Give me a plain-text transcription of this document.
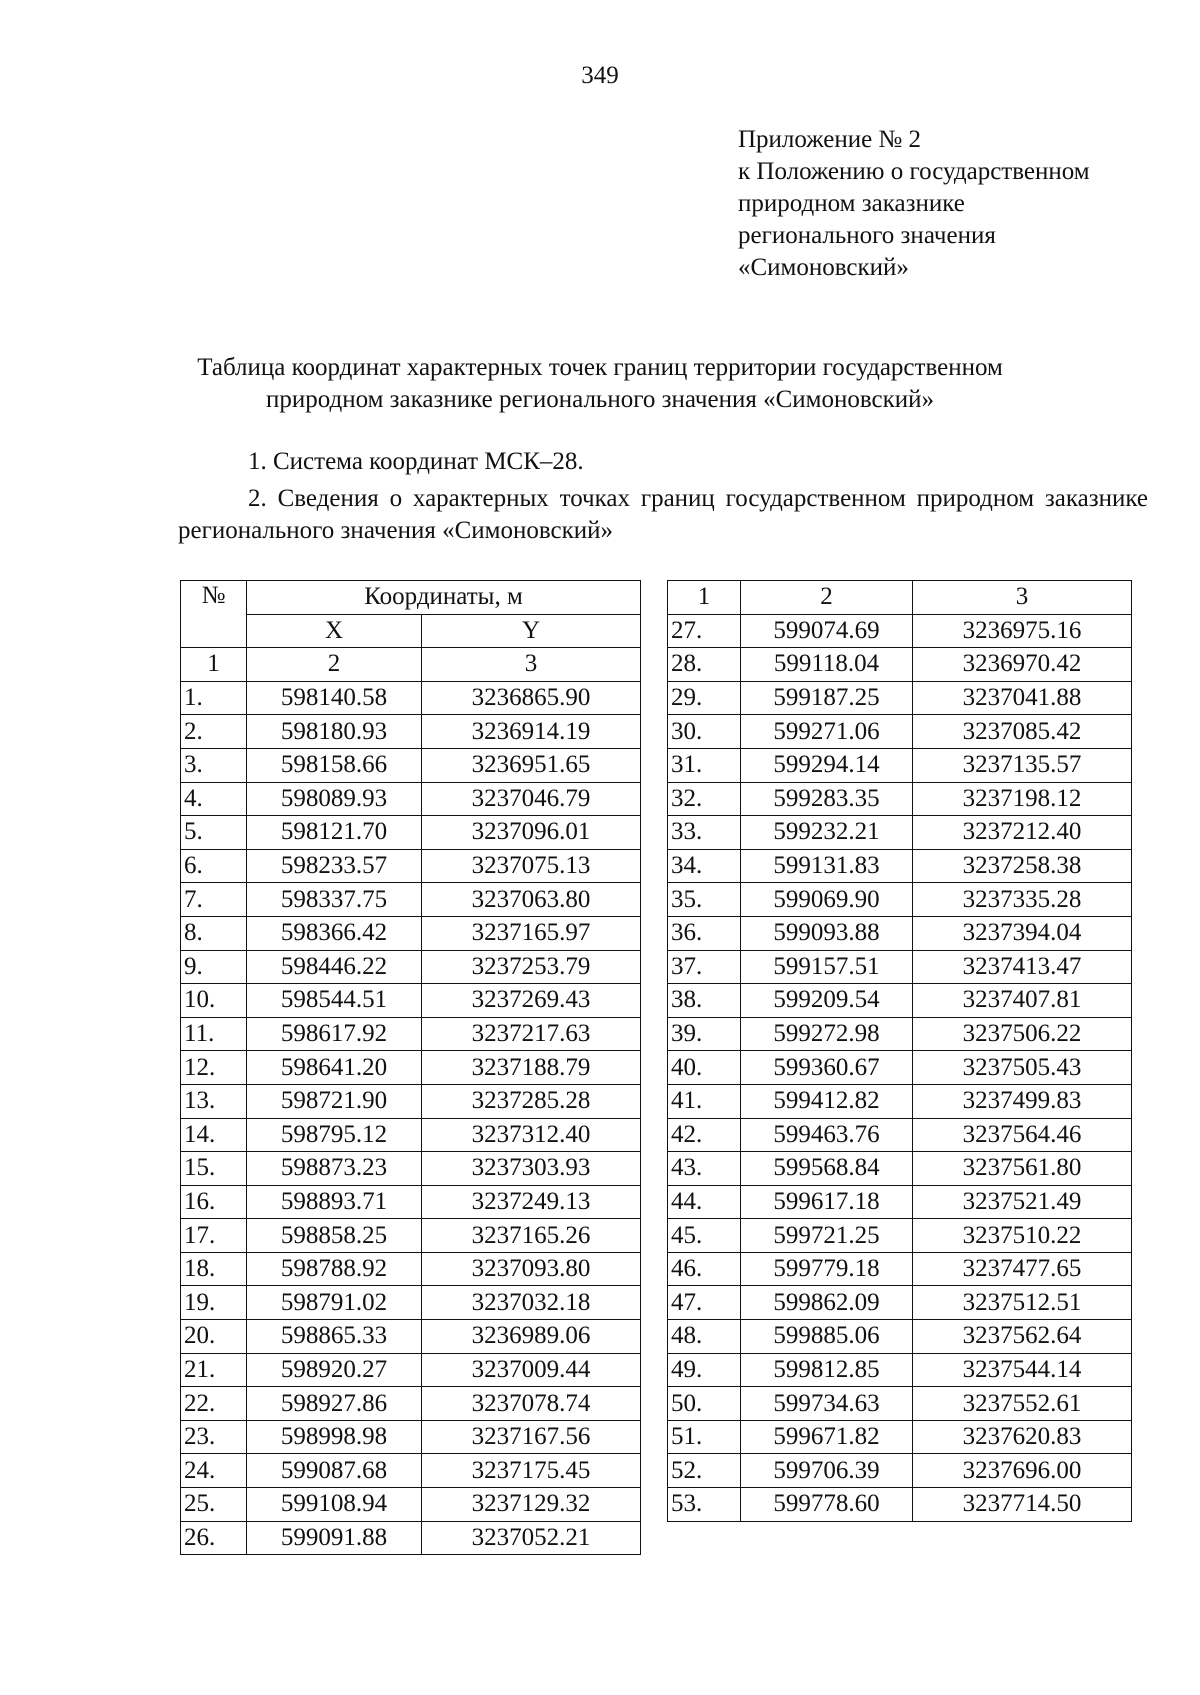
349
Приложение № 2
к Положению о государственном
природном заказнике
регионального значения
«Симоновский»
Таблица координат характерных точек границ территории государственном
природном заказнике регионального значения «Симоновский»
1. Система координат МСК–28.
2. Сведения о характерных точках границ государственном природном заказнике регионального значения «Симоновский»
№	Координаты, м	
	X	Y
1	2	3
1.	598140.58	3236865.90
2.	598180.93	3236914.19
3.	598158.66	3236951.65
4.	598089.93	3237046.79
5.	598121.70	3237096.01
6.	598233.57	3237075.13
7.	598337.75	3237063.80
8.	598366.42	3237165.97
9.	598446.22	3237253.79
10.	598544.51	3237269.43
11.	598617.92	3237217.63
12.	598641.20	3237188.79
13.	598721.90	3237285.28
14.	598795.12	3237312.40
15.	598873.23	3237303.93
16.	598893.71	3237249.13
17.	598858.25	3237165.26
18.	598788.92	3237093.80
19.	598791.02	3237032.18
20.	598865.33	3236989.06
21.	598920.27	3237009.44
22.	598927.86	3237078.74
23.	598998.98	3237167.56
24.	599087.68	3237175.45
25.	599108.94	3237129.32
26.	599091.88	3237052.21
1	2	3
27.	599074.69	3236975.16
28.	599118.04	3236970.42
29.	599187.25	3237041.88
30.	599271.06	3237085.42
31.	599294.14	3237135.57
32.	599283.35	3237198.12
33.	599232.21	3237212.40
34.	599131.83	3237258.38
35.	599069.90	3237335.28
36.	599093.88	3237394.04
37.	599157.51	3237413.47
38.	599209.54	3237407.81
39.	599272.98	3237506.22
40.	599360.67	3237505.43
41.	599412.82	3237499.83
42.	599463.76	3237564.46
43.	599568.84	3237561.80
44.	599617.18	3237521.49
45.	599721.25	3237510.22
46.	599779.18	3237477.65
47.	599862.09	3237512.51
48.	599885.06	3237562.64
49.	599812.85	3237544.14
50.	599734.63	3237552.61
51.	599671.82	3237620.83
52.	599706.39	3237696.00
53.	599778.60	3237714.50
